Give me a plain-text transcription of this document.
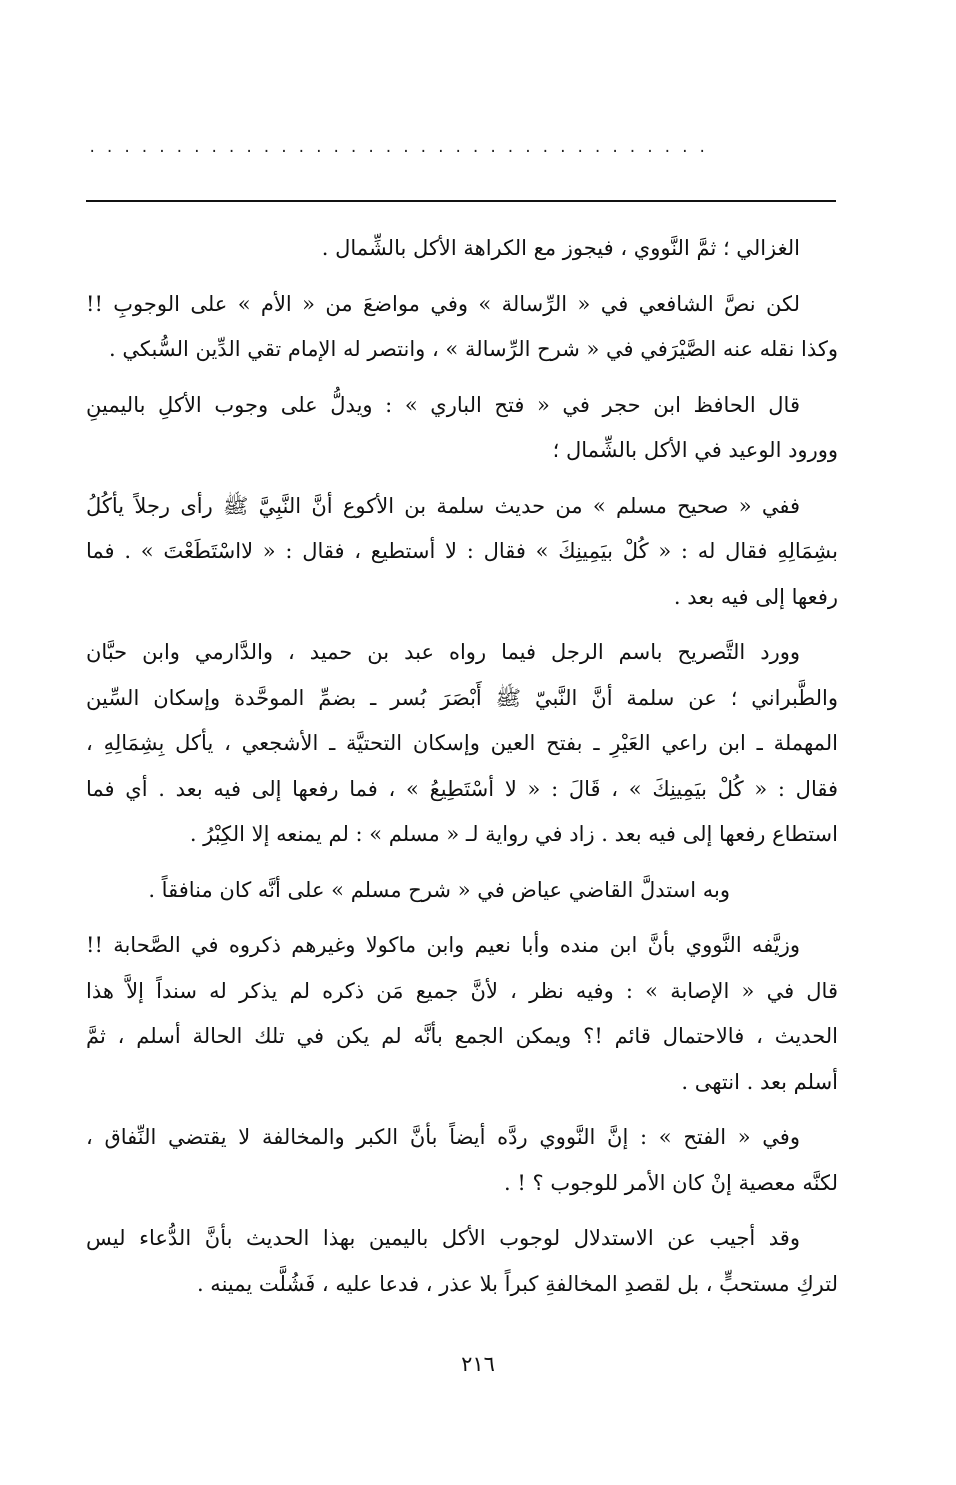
....................................
الغزالي ؛ ثمَّ النَّووي ، فيجوز مع الكراهة الأكل بالشِّمال .
لكن نصَّ الشافعي في « الرِّسالة » وفي مواضعَ من « الأم » على الوجوبِ !!
وكذا نقله عنه الصَّيْرَفي في « شرح الرِّسالة » ، وانتصر له الإمام تقي الدِّين السُّبكي .
قال الحافظ ابن حجر في « فتح الباري » : ويدلُّ على وجوب الأكلِ باليمينِ
وورود الوعيد في الأكل بالشِّمال ؛
ففي « صحيح مسلم » من حديث سلمة بن الأكوع أنَّ النَّبِيَّ ﷺ رأى رجلاً يأكُلُ
بشِمَالِهِ فقال له : « كُلْ بيَمِينِكَ » فقال : لا أستطيع ، فقال : « لااسْتَطَعْتَ » . فما
رفعها إلى فيه بعد .
وورد التَّصريح باسم الرجل فيما رواه عبد بن حميد ، والدَّارمي وابن حبَّان
والطَّبراني ؛ عن سلمة أنَّ النَّبيّ ﷺ أَبْصَرَ بُسر ـ بضمِّ الموحَّدة وإسكان السِّين
المهملة ـ ابن راعي العَيْرِ ـ بفتح العين وإسكان التحتيَّة ـ الأشجعي ، يأكل بِشِمَالِهِ ،
فقال : « كُلْ بيَمِينِكَ » ، قَالَ : « لا أسْتَطِيعُ » ، فما رفعها إلى فيه بعد . أي فما
استطاع رفعها إلى فيه بعد . زاد في رواية لـ « مسلم » : لم يمنعه إلا الكِبْرُ .
وبه استدلَّ القاضي عياض في « شرح مسلم » على أنَّه كان منافقاً .
وزيَّفه النَّووي بأنَّ ابن منده وأبا نعيم وابن ماكولا وغيرهم ذكروه في الصَّحابة !!
قال في « الإصابة » : وفيه نظر ، لأنَّ جميع مَن ذكره لم يذكر له سنداً إلاَّ هذا
الحديث ، فالاحتمال قائم !؟ ويمكن الجمع بأنَّه لم يكن في تلك الحالة أسلم ، ثمَّ
أسلم بعد . انتهى .
وفي « الفتح » : إنَّ النَّووي ردَّه أيضاً بأنَّ الكبر والمخالفة لا يقتضي النِّفاق ،
لكنَّه معصية إنْ كان الأمر للوجوب ؟ ! .
وقد أجيب عن الاستدلال لوجوب الأكل باليمين بهذا الحديث بأنَّ الدُّعاء ليس
لتركِ مستحبٍّ ، بل لقصدِ المخالفةِ كبراً بلا عذر ، فدعا عليه ، فَشُلَّت يمينه .
٢١٦
